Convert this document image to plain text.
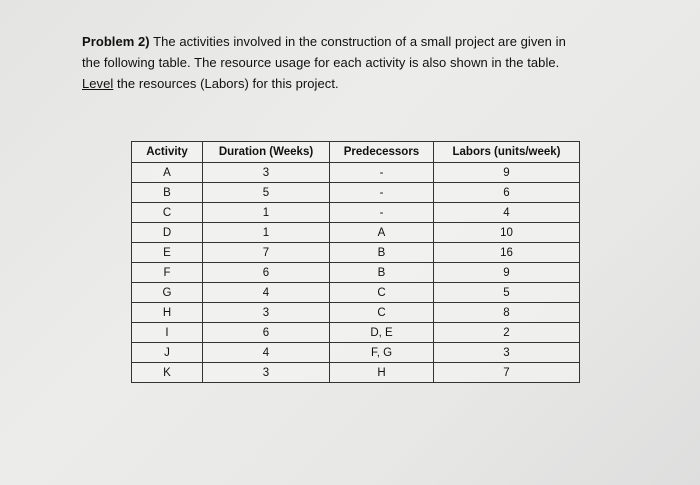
Problem 2) The activities involved in the construction of a small project are given in
the following table. The resource usage for each activity is also shown in the table.
Level the resources (Labors) for this project.
Activity	Duration (Weeks)	Predecessors	Labors (units/week)
A	3	-	9
B	5	-	6
C	1	-	4
D	1	A	10
E	7	B	16
F	6	B	9
G	4	C	5
H	3	C	8
I	6	D, E	2
J	4	F, G	3
K	3	H	7
